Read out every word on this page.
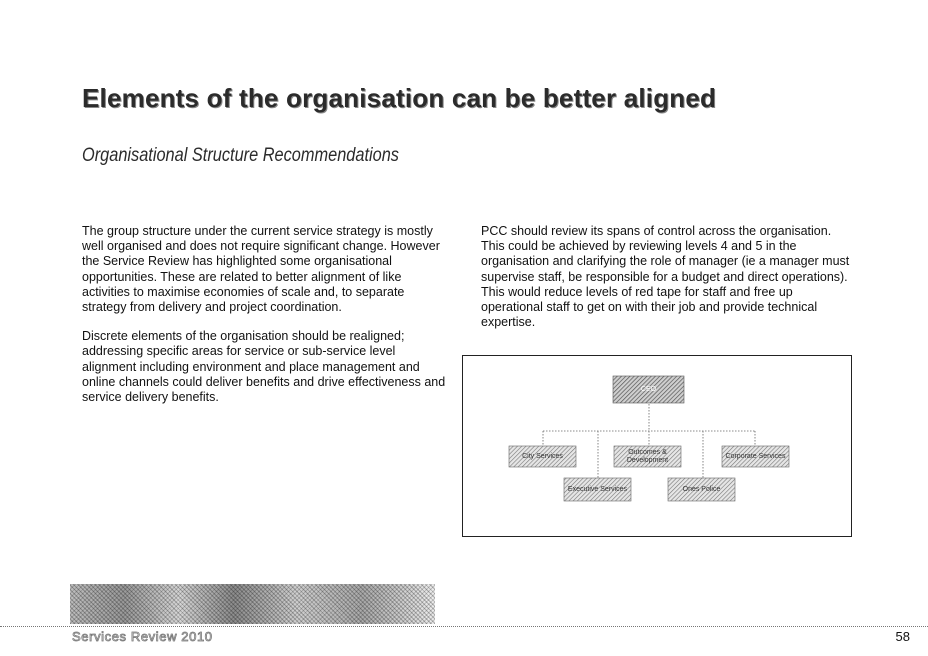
Elements of the organisation can be better aligned
Organisational Structure Recommendations

The group structure under the current service strategy is mostly well organised and does not require significant change. However the Service Review has highlighted some organisational opportunities. These are related to better alignment of like activities to maximise economies of scale and, to separate strategy from delivery and project coordination.

Discrete elements of the organisation should be realigned; addressing specific areas for service or sub-service level alignment including environment and place management and online channels could deliver benefits and drive effectiveness and service delivery benefits.

PCC should review its spans of control across the organisation. This could be achieved by reviewing levels 4 and 5 in the organisation and clarifying the role of manager (ie a manager must supervise staff, be responsible for a budget and direct operations). This would reduce levels of red tape for staff and free up operational staff to get on with their job and provide technical expertise.

CEO
City Services
Outcomes & Development
Corporate Services
Executive Services	Ones Police
Services Review 2010	58
